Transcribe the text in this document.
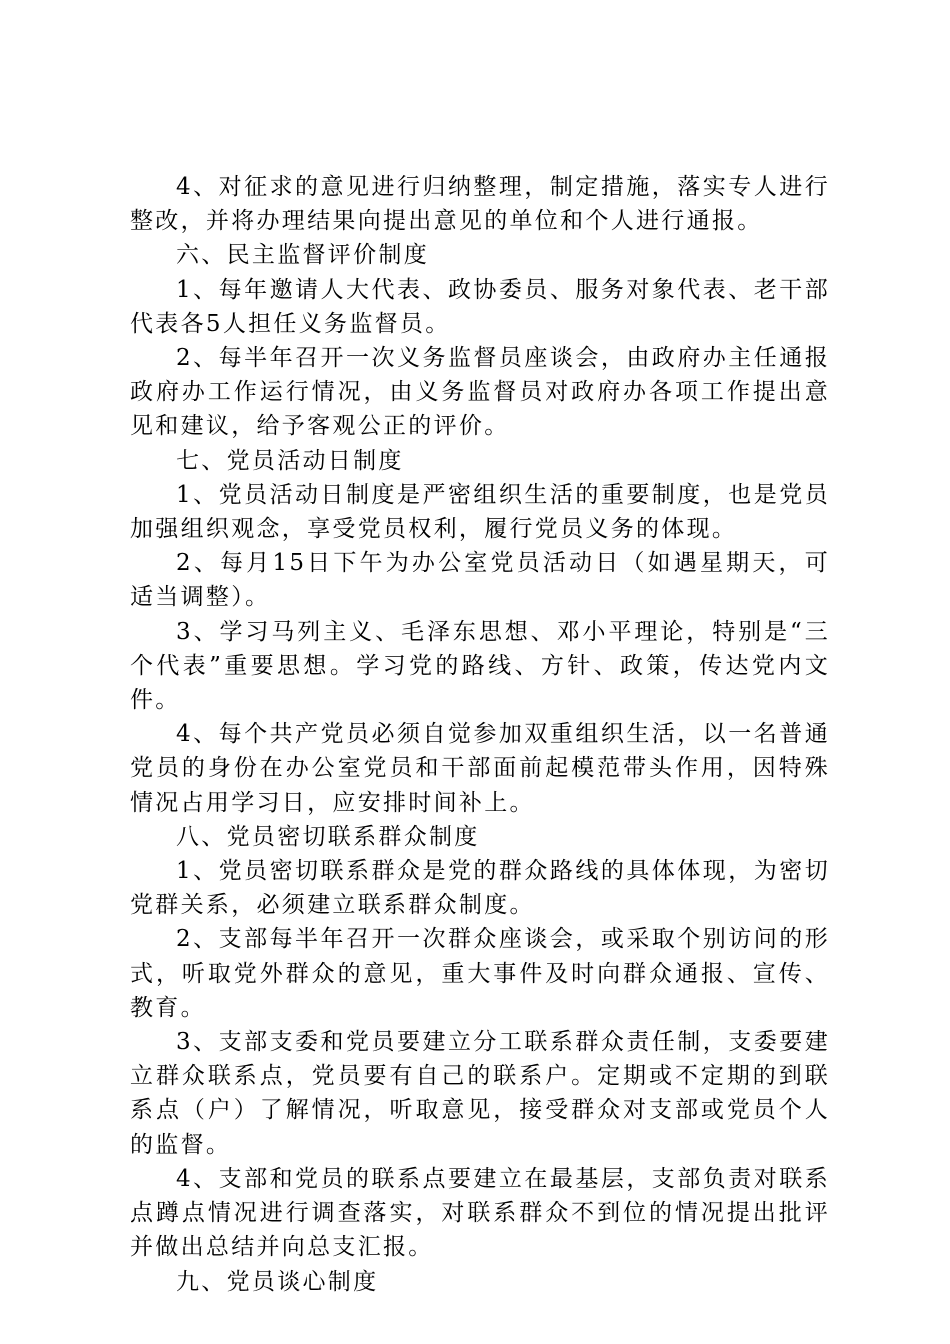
4、对征求的意见进行归纳整理，制定措施，落实专人进行整改，并将办理结果向提出意见的单位和个人进行通报。

六、民主监督评价制度

1、每年邀请人大代表、政协委员、服务对象代表、老干部代表各5人担任义务监督员。

2、每半年召开一次义务监督员座谈会，由政府办主任通报政府办工作运行情况，由义务监督员对政府办各项工作提出意见和建议，给予客观公正的评价。

七、党员活动日制度

1、党员活动日制度是严密组织生活的重要制度，也是党员加强组织观念，享受党员权利，履行党员义务的体现。

2、每月15日下午为办公室党员活动日（如遇星期天，可适当调整）。

3、学习马列主义、毛泽东思想、邓小平理论，特别是“三个代表”重要思想。学习党的路线、方针、政策，传达党内文件。

4、每个共产党员必须自觉参加双重组织生活，以一名普通党员的身份在办公室党员和干部面前起模范带头作用，因特殊情况占用学习日，应安排时间补上。

八、党员密切联系群众制度

1、党员密切联系群众是党的群众路线的具体体现，为密切党群关系，必须建立联系群众制度。

2、支部每半年召开一次群众座谈会，或采取个别访问的形式，听取党外群众的意见，重大事件及时向群众通报、宣传、教育。

3、支部支委和党员要建立分工联系群众责任制，支委要建立群众联系点，党员要有自己的联系户。定期或不定期的到联系点（户）了解情况，听取意见，接受群众对支部或党员个人的监督。

4、支部和党员的联系点要建立在最基层，支部负责对联系点蹲点情况进行调查落实，对联系群众不到位的情况提出批评并做出总结并向总支汇报。

九、党员谈心制度
